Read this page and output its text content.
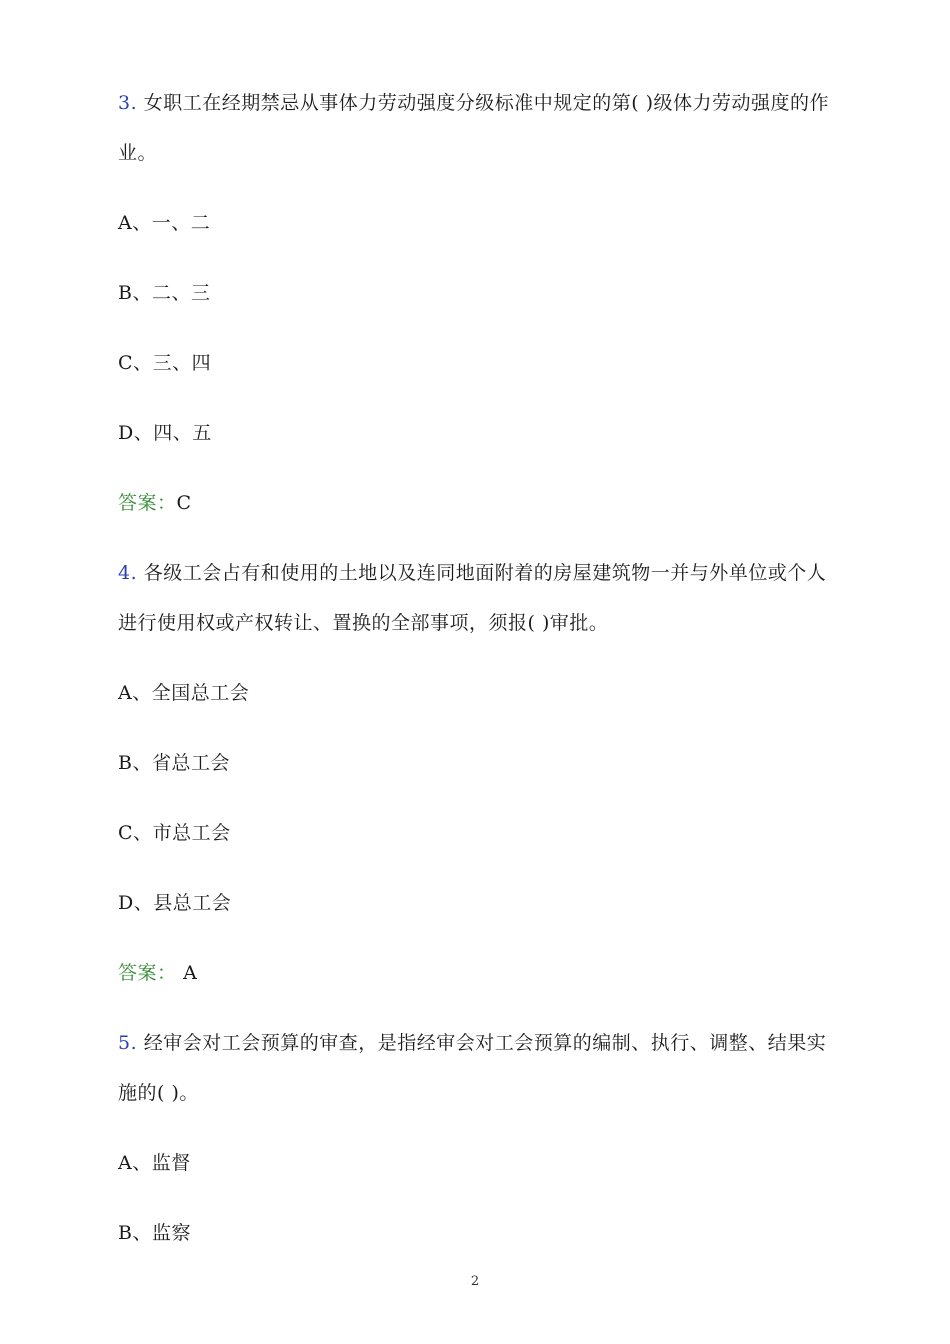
3. 女职工在经期禁忌从事体力劳动强度分级标准中规定的第( )级体力劳动强度的作
业。
A、一、二
B、二、三
C、三、四
D、四、五
答案：C
4. 各级工会占有和使用的土地以及连同地面附着的房屋建筑物一并与外单位或个人
进行使用权或产权转让、置换的全部事项，须报( )审批。
A、全国总工会
B、省总工会
C、市总工会
D、县总工会
答案： A
5. 经审会对工会预算的审查，是指经审会对工会预算的编制、执行、调整、结果实
施的( )。
A、监督
B、监察
2
